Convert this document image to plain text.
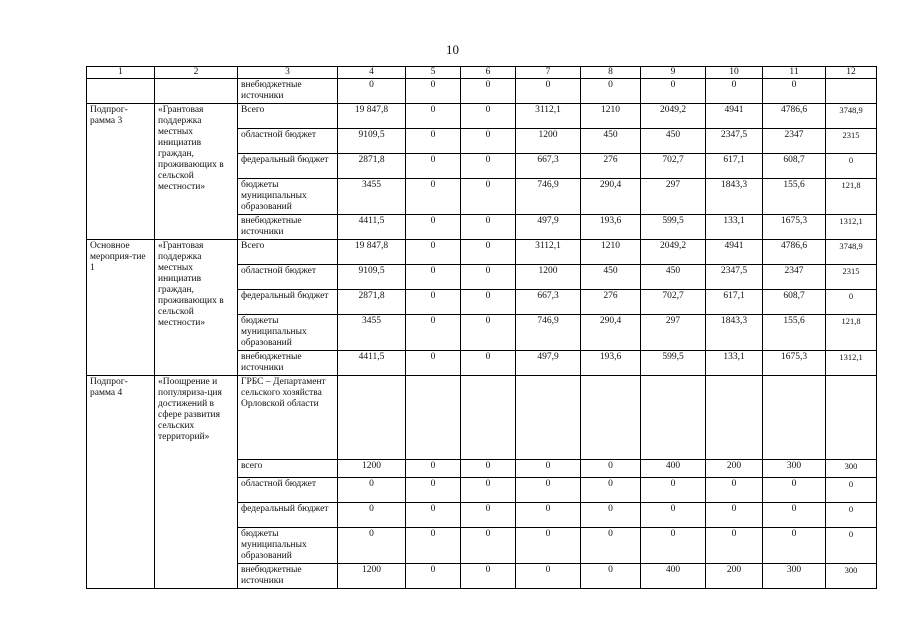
10
1	2	3	4	5	6	7	8	9	10	11	12
		внебюджетные источники	0	0	0	0	0	0	0	0	
Подпрог-рамма 3	«Грантовая поддержка местных инициатив граждан, проживающих в сельской местности»	Всего	19 847,8	0	0	3112,1	1210	2049,2	4941	4786,6	3748,9
		областной бюджет	9109,5	0	0	1200	450	450	2347,5	2347	2315
		федеральный бюджет	2871,8	0	0	667,3	276	702,7	617,1	608,7	0
		бюджеты муниципальных образований	3455	0	0	746,9	290,4	297	1843,3	155,6	121,8
		внебюджетные источники	4411,5	0	0	497,9	193,6	599,5	133,1	1675,3	1312,1
Основное мероприя-тие 1	«Грантовая поддержка местных инициатив граждан, проживающих в сельской местности»	Всего	19 847,8	0	0	3112,1	1210	2049,2	4941	4786,6	3748,9
		областной бюджет	9109,5	0	0	1200	450	450	2347,5	2347	2315
		федеральный бюджет	2871,8	0	0	667,3	276	702,7	617,1	608,7	0
		бюджеты муниципальных образований	3455	0	0	746,9	290,4	297	1843,3	155,6	121,8
		внебюджетные источники	4411,5	0	0	497,9	193,6	599,5	133,1	1675,3	1312,1
Подпрог-рамма 4	«Поощрение и популяриза-ция достижений в сфере развития сельских территорий»	ГРБС – Департамент сельского хозяйства Орловской области									
		всего	1200	0	0	0	0	400	200	300	300
		областной бюджет	0	0	0	0	0	0	0	0	0
		федеральный бюджет	0	0	0	0	0	0	0	0	0
		бюджеты муниципальных образований	0	0	0	0	0	0	0	0	0
		внебюджетные источники	1200	0	0	0	0	400	200	300	300
